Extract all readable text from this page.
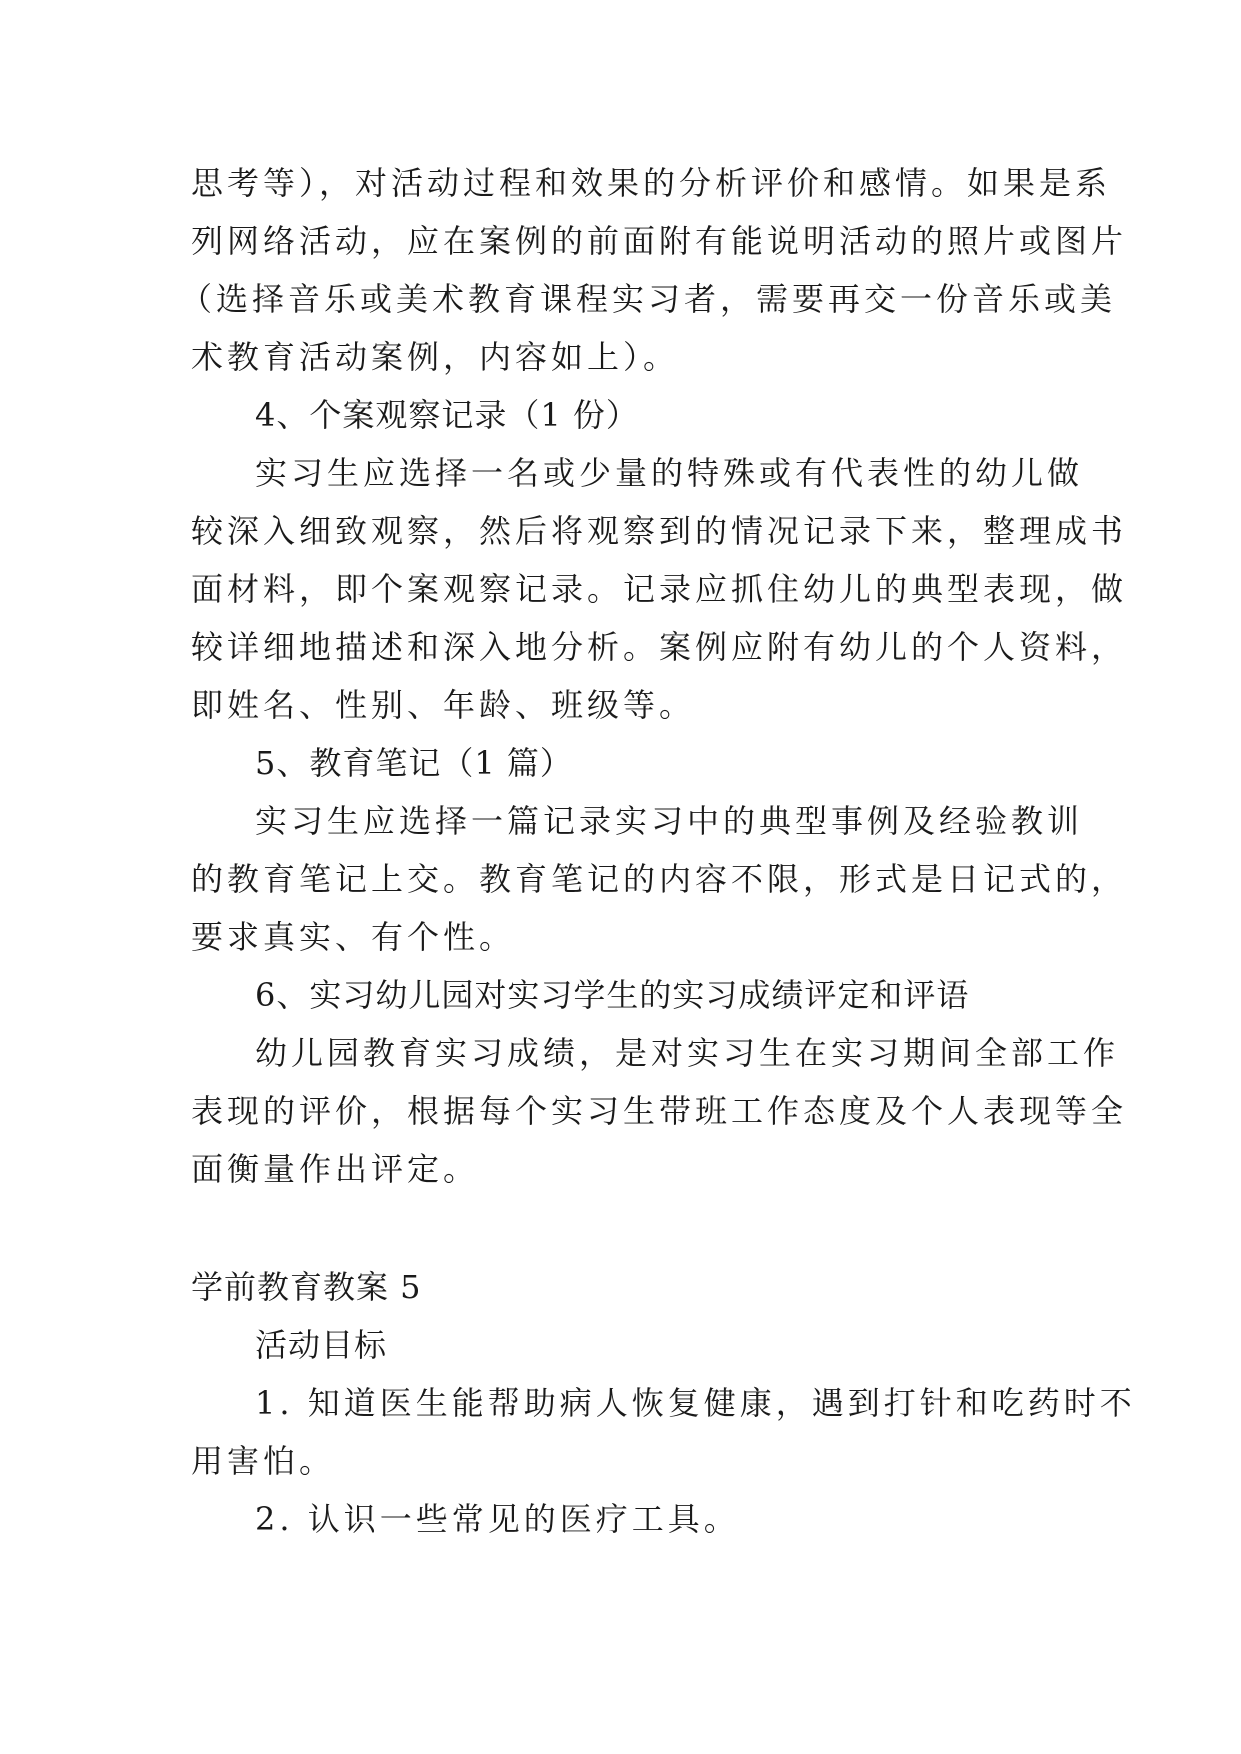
思考等），对活动过程和效果的分析评价和感情。如果是系
列网络活动，应在案例的前面附有能说明活动的照片或图片
（选择音乐或美术教育课程实习者，需要再交一份音乐或美
术教育活动案例，内容如上）。
4、个案观察记录（1 份）
实习生应选择一名或少量的特殊或有代表性的幼儿做
较深入细致观察，然后将观察到的情况记录下来，整理成书
面材料，即个案观察记录。记录应抓住幼儿的典型表现，做
较详细地描述和深入地分析。案例应附有幼儿的个人资料，
即姓名、性别、年龄、班级等。
5、教育笔记（1 篇）
实习生应选择一篇记录实习中的典型事例及经验教训
的教育笔记上交。教育笔记的内容不限，形式是日记式的，
要求真实、有个性。
6、实习幼儿园对实习学生的实习成绩评定和评语
幼儿园教育实习成绩，是对实习生在实习期间全部工作
表现的评价，根据每个实习生带班工作态度及个人表现等全
面衡量作出评定。
学前教育教案 5
活动目标
1. 知道医生能帮助病人恢复健康，遇到打针和吃药时不
用害怕。
2. 认识一些常见的医疗工具。
